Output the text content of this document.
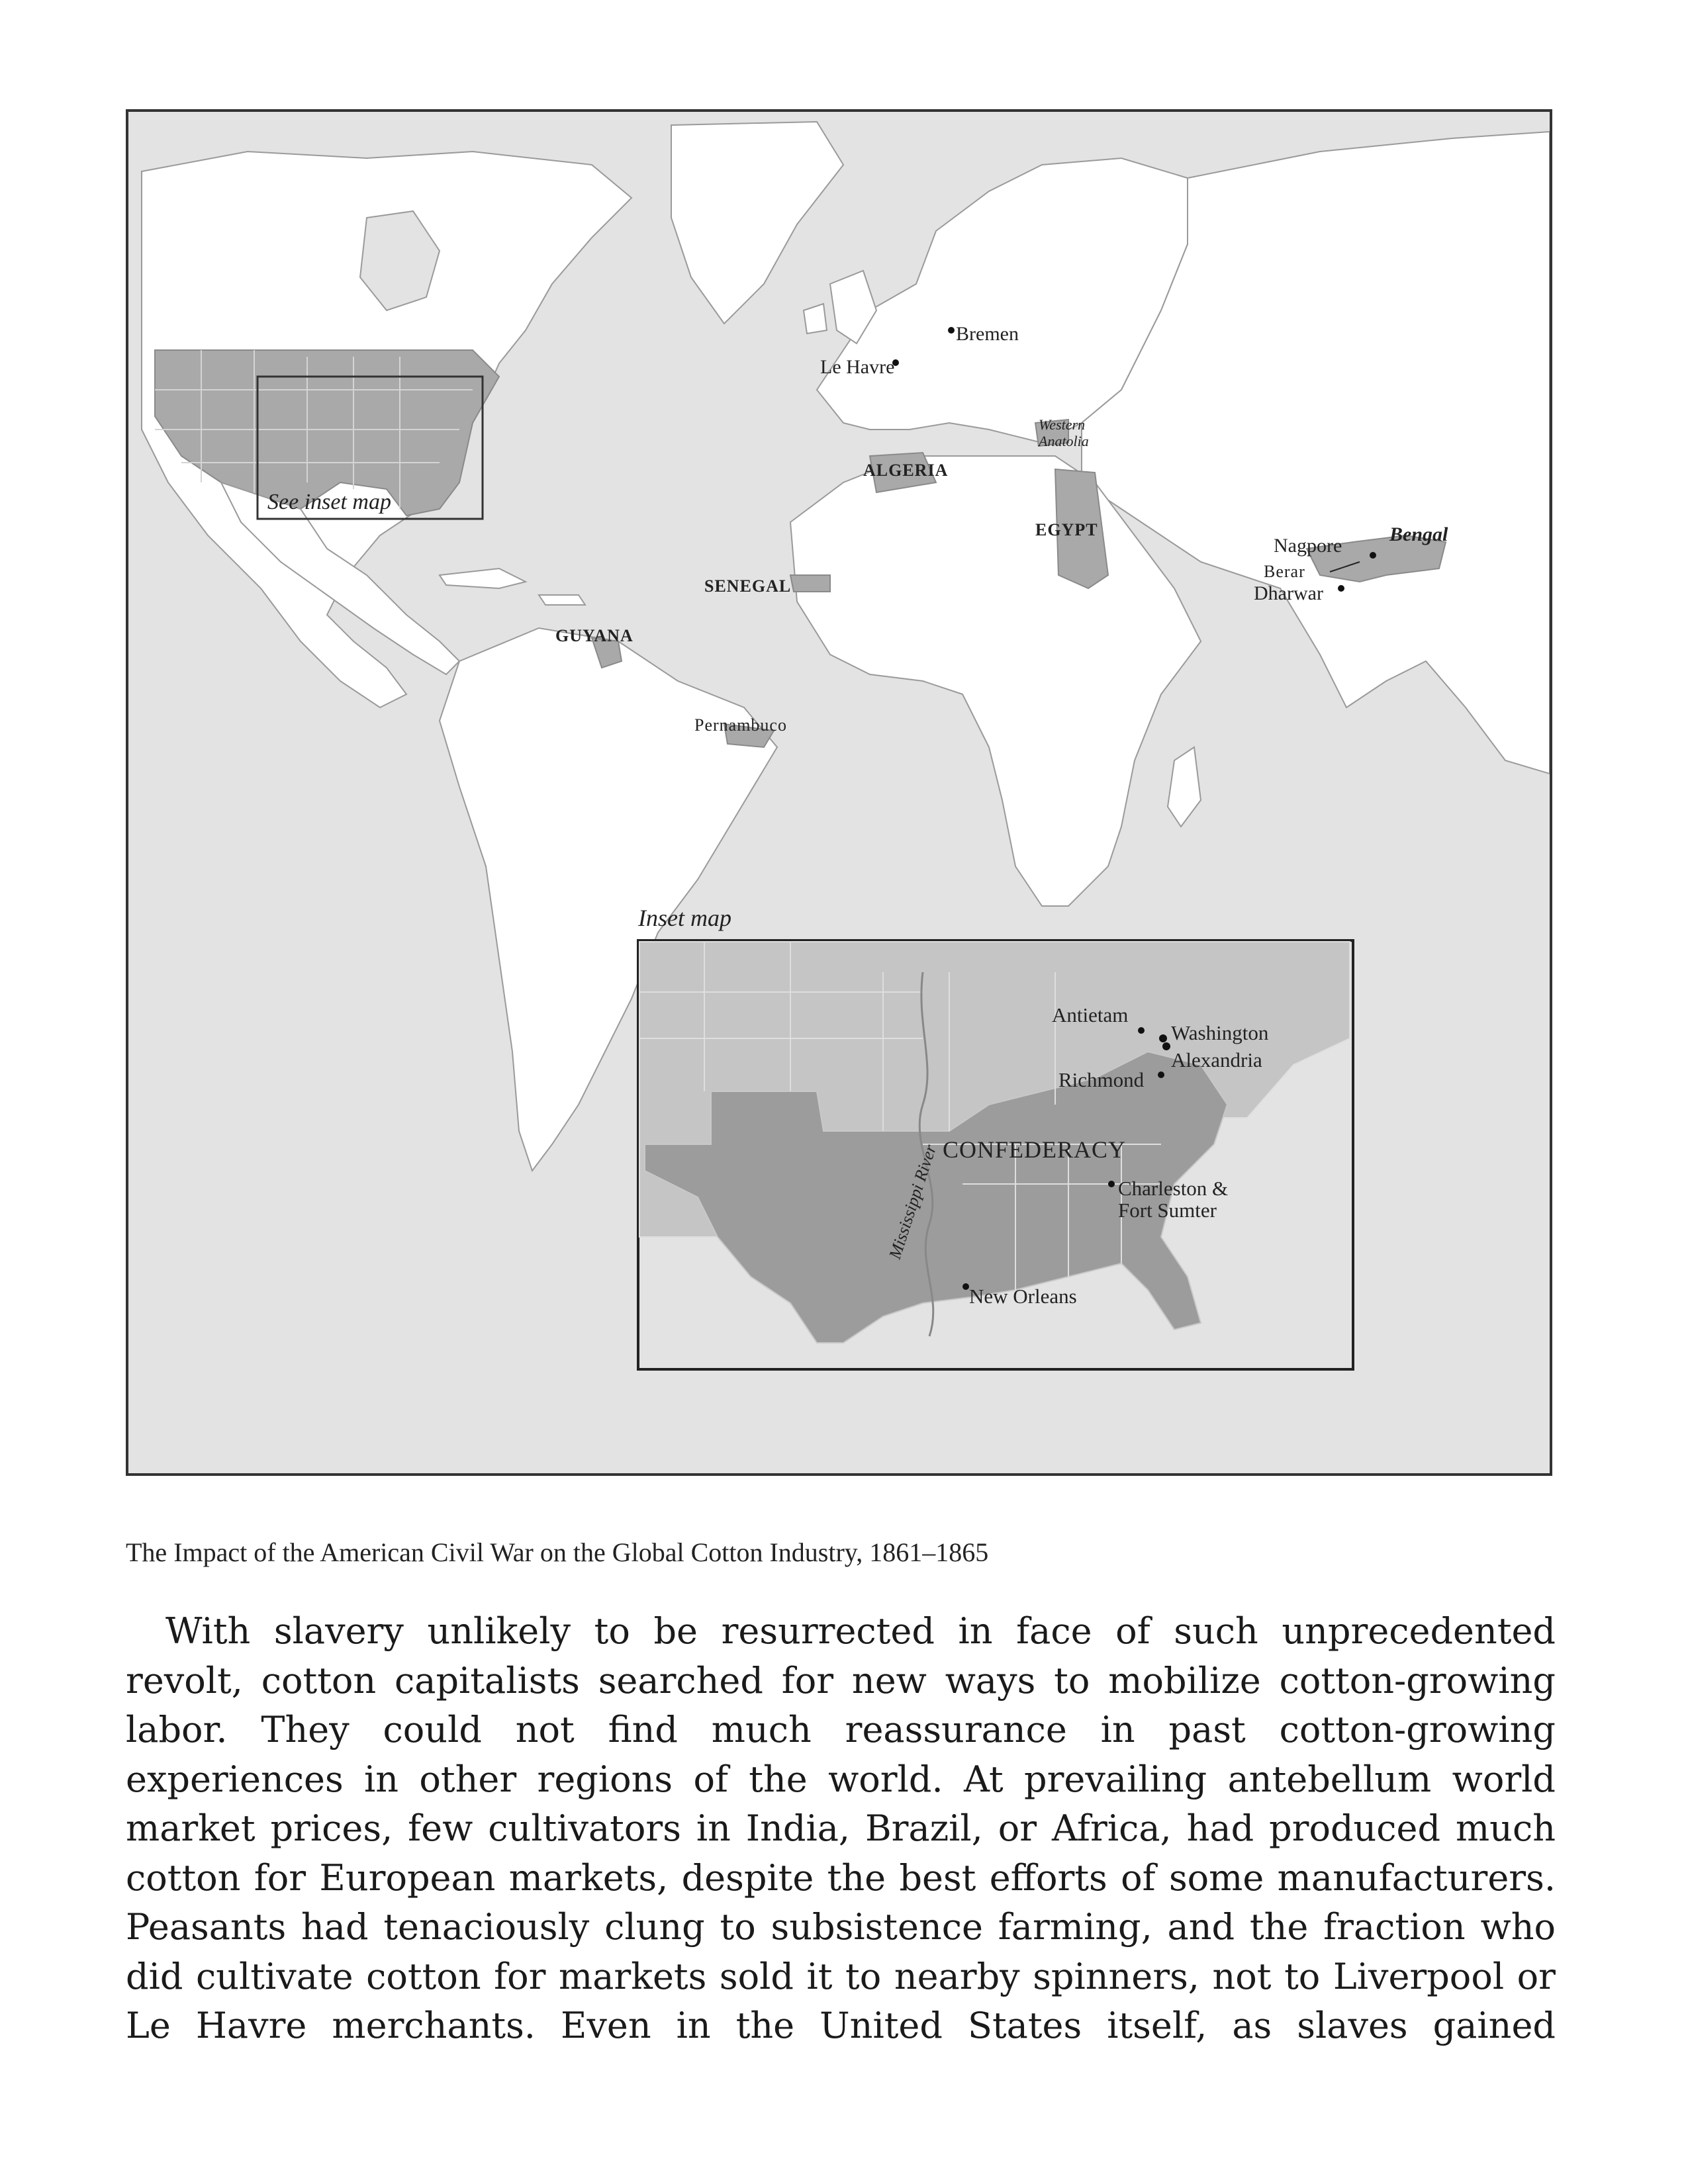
See inset map
Bremen
Le Havre
Western
Anatolia
ALGERIA
EGYPT
SENEGAL
GUYANA
Pernambuco
Nagpore
Berar
Dharwar
Bengal
Inset map
Antietam
Washington
Alexandria
Richmond
CONFEDERACY
Mississippi River	Charleston &
Fort Sumter
New Orleans
The Impact of the American Civil War on the Global Cotton Industry, 1861–1865

With slavery unlikely to be resurrected in face of such unprecedented revolt, cotton capitalists searched for new ways to mobilize cotton-growing labor. They could not find much reassurance in past cotton-growing experiences in other regions of the world. At prevailing antebellum world market prices, few cultivators in India, Brazil, or Africa, had produced much cotton for European markets, despite the best efforts of some manufacturers. Peasants had tenaciously clung to subsistence farming, and the fraction who did cultivate cotton for markets sold it to nearby spinners, not to Liverpool or Le Havre merchants. Even in the United States itself, as slaves gained
